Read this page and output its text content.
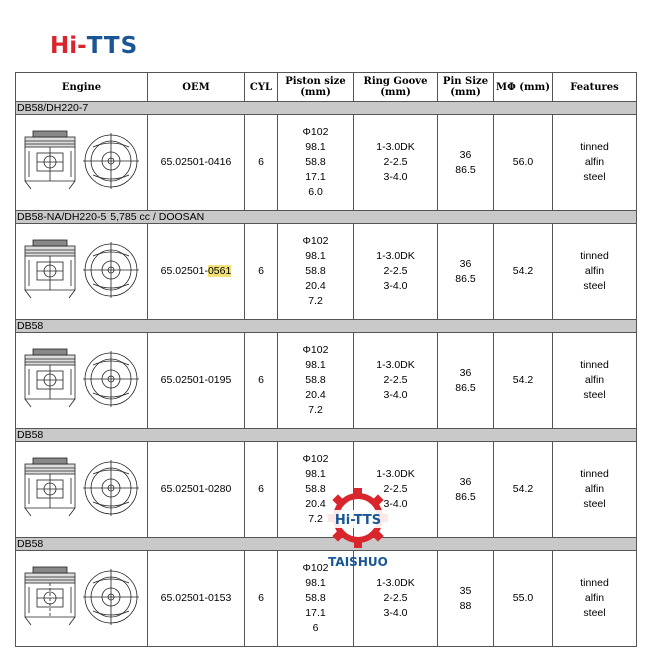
Hi-TTS
Engine	OEM	CYL	Piston size (mm)	Ring Goove (mm)	Pin Size (mm)	MΦ (mm)	Features
DB58/DH220-7							
	65.02501-0416	6	Φ102
98.1
58.8
17.1
6.0	1-3.0DK
2-2.5
3-4.0	36
86.5	56.0	tinned
alfin
steel

DB58-NA/DH220-5 5,785 cc / DOOSAN							
	65.02501-0561	6	Φ102
98.1
58.8
20.4
7.2	1-3.0DK
2-2.5
3-4.0	36
86.5	54.2	tinned
alfin
steel

DB58							
	65.02501-0195	6	Φ102
98.1
58.8
20.4
7.2	1-3.0DK
2-2.5
3-4.0	36
86.5	54.2	tinned
alfin
steel

DB58							
	65.02501-0280	6	Φ102
98.1
58.8
20.4
7.2	1-3.0DK
2-2.5
3-4.0	36
86.5	54.2	tinned
alfin
steel

DB58							
	65.02501-0153	6	Φ102
98.1
58.8
17.1
6	1-3.0DK
2-2.5
3-4.0	35
88	55.0	tinned
alfin
steel
Hi-TTS
TAISHUO
